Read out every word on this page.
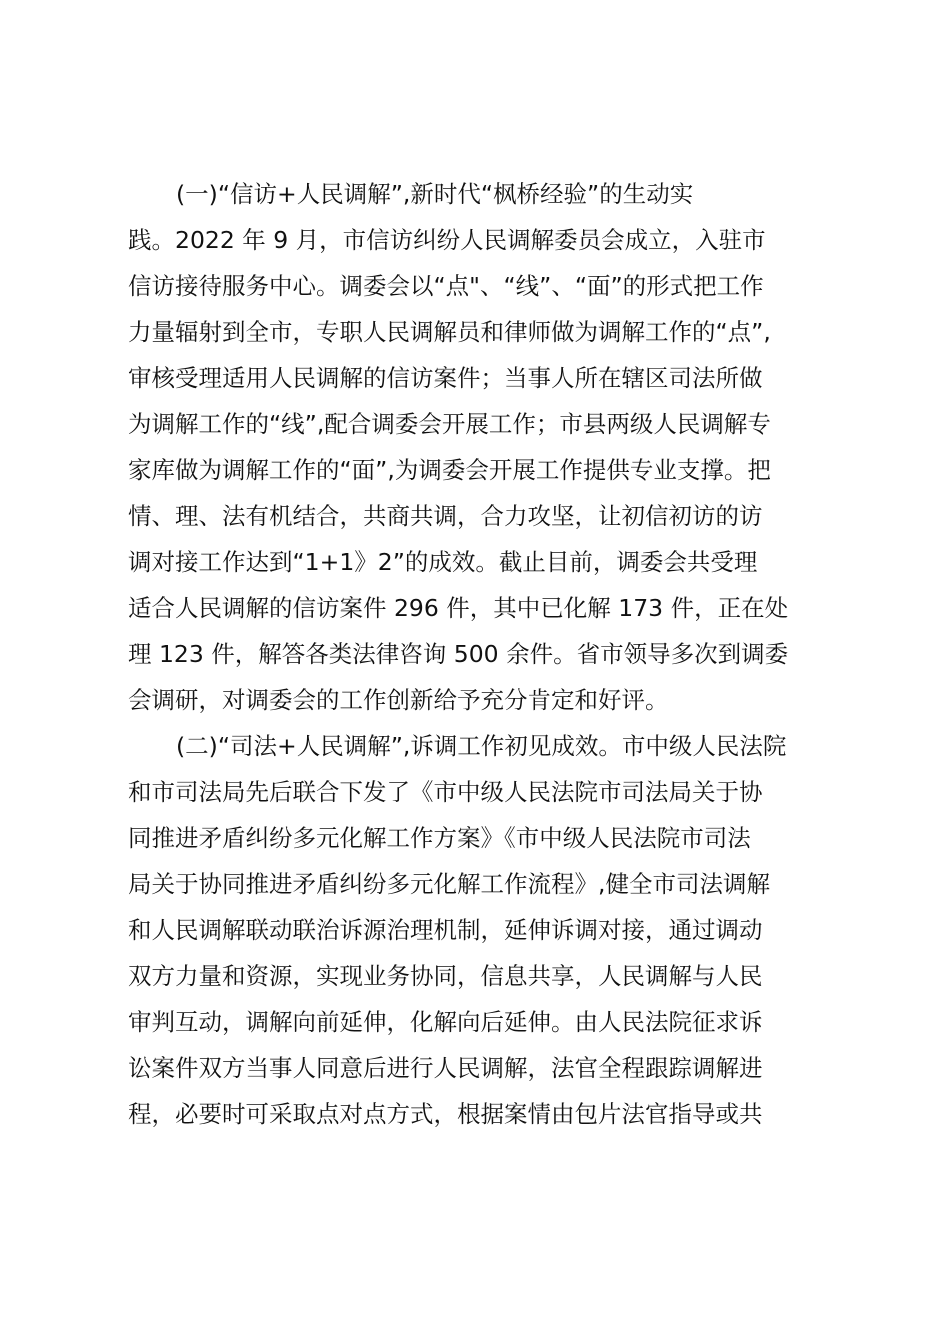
(一)“信访+人民调解”,新时代“枫桥经验”的生动实
践。2022 年 9 月，市信访纠纷人民调解委员会成立，入驻市
信访接待服务中心。调委会以“点"、“线”、“面”的形式把工作
力量辐射到全市，专职人民调解员和律师做为调解工作的“点”,
审核受理适用人民调解的信访案件；当事人所在辖区司法所做
为调解工作的“线”,配合调委会开展工作；市县两级人民调解专
家库做为调解工作的“面”,为调委会开展工作提供专业支撑。把
情、理、法有机结合，共商共调，合力攻坚，让初信初访的访
调对接工作达到“1+1》2”的成效。截止目前，调委会共受理
适合人民调解的信访案件 296 件，其中已化解 173 件，正在处
理 123 件，解答各类法律咨询 500 余件。省市领导多次到调委
会调研，对调委会的工作创新给予充分肯定和好评。
(二)“司法+人民调解”,诉调工作初见成效。市中级人民法院
和市司法局先后联合下发了《市中级人民法院市司法局关于协
同推进矛盾纠纷多元化解工作方案》《市中级人民法院市司法
局关于协同推进矛盾纠纷多元化解工作流程》,健全市司法调解
和人民调解联动联治诉源治理机制，延伸诉调对接，通过调动
双方力量和资源，实现业务协同，信息共享，人民调解与人民
审判互动，调解向前延伸，化解向后延伸。由人民法院征求诉
讼案件双方当事人同意后进行人民调解，法官全程跟踪调解进
程，必要时可采取点对点方式，根据案情由包片法官指导或共
